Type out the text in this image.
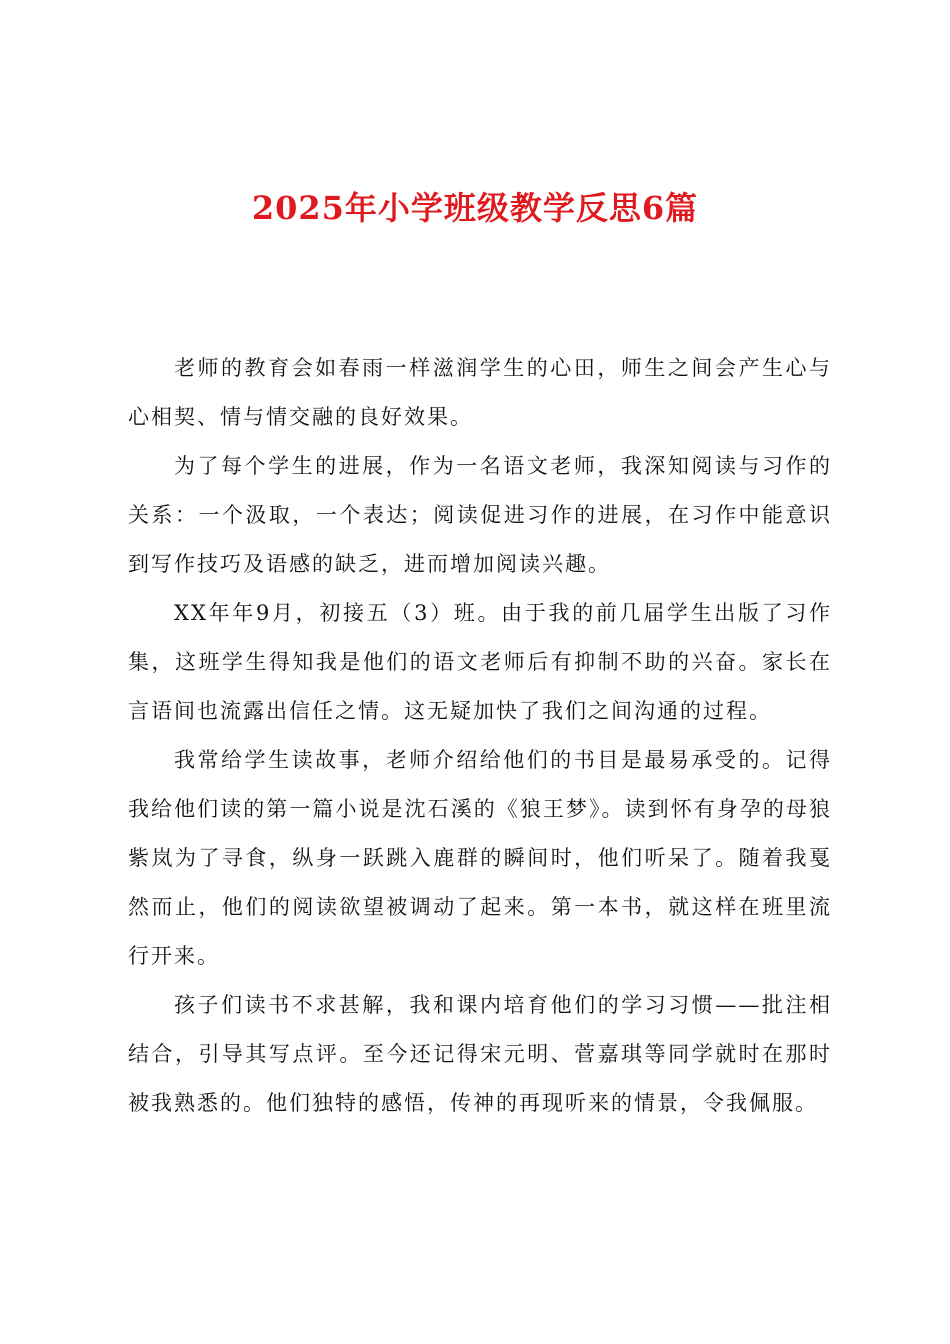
2025年小学班级教学反思6篇

老师的教育会如春雨一样滋润学生的心田，师生之间会产生心与心相契、情与情交融的良好效果。

为了每个学生的进展，作为一名语文老师，我深知阅读与习作的关系：一个汲取，一个表达；阅读促进习作的进展，在习作中能意识到写作技巧及语感的缺乏，进而增加阅读兴趣。

XX年年9月，初接五（3）班。由于我的前几届学生出版了习作集，这班学生得知我是他们的语文老师后有抑制不助的兴奋。家长在言语间也流露出信任之情。这无疑加快了我们之间沟通的过程。

我常给学生读故事，老师介绍给他们的书目是最易承受的。记得我给他们读的第一篇小说是沈石溪的《狼王梦》。读到怀有身孕的母狼紫岚为了寻食，纵身一跃跳入鹿群的瞬间时，他们听呆了。随着我戛然而止，他们的阅读欲望被调动了起来。第一本书，就这样在班里流行开来。

孩子们读书不求甚解，我和课内培育他们的学习习惯——批注相结合，引导其写点评。至今还记得宋元明、菅嘉琪等同学就时在那时被我熟悉的。他们独特的感悟，传神的再现听来的情景，令我佩服。
